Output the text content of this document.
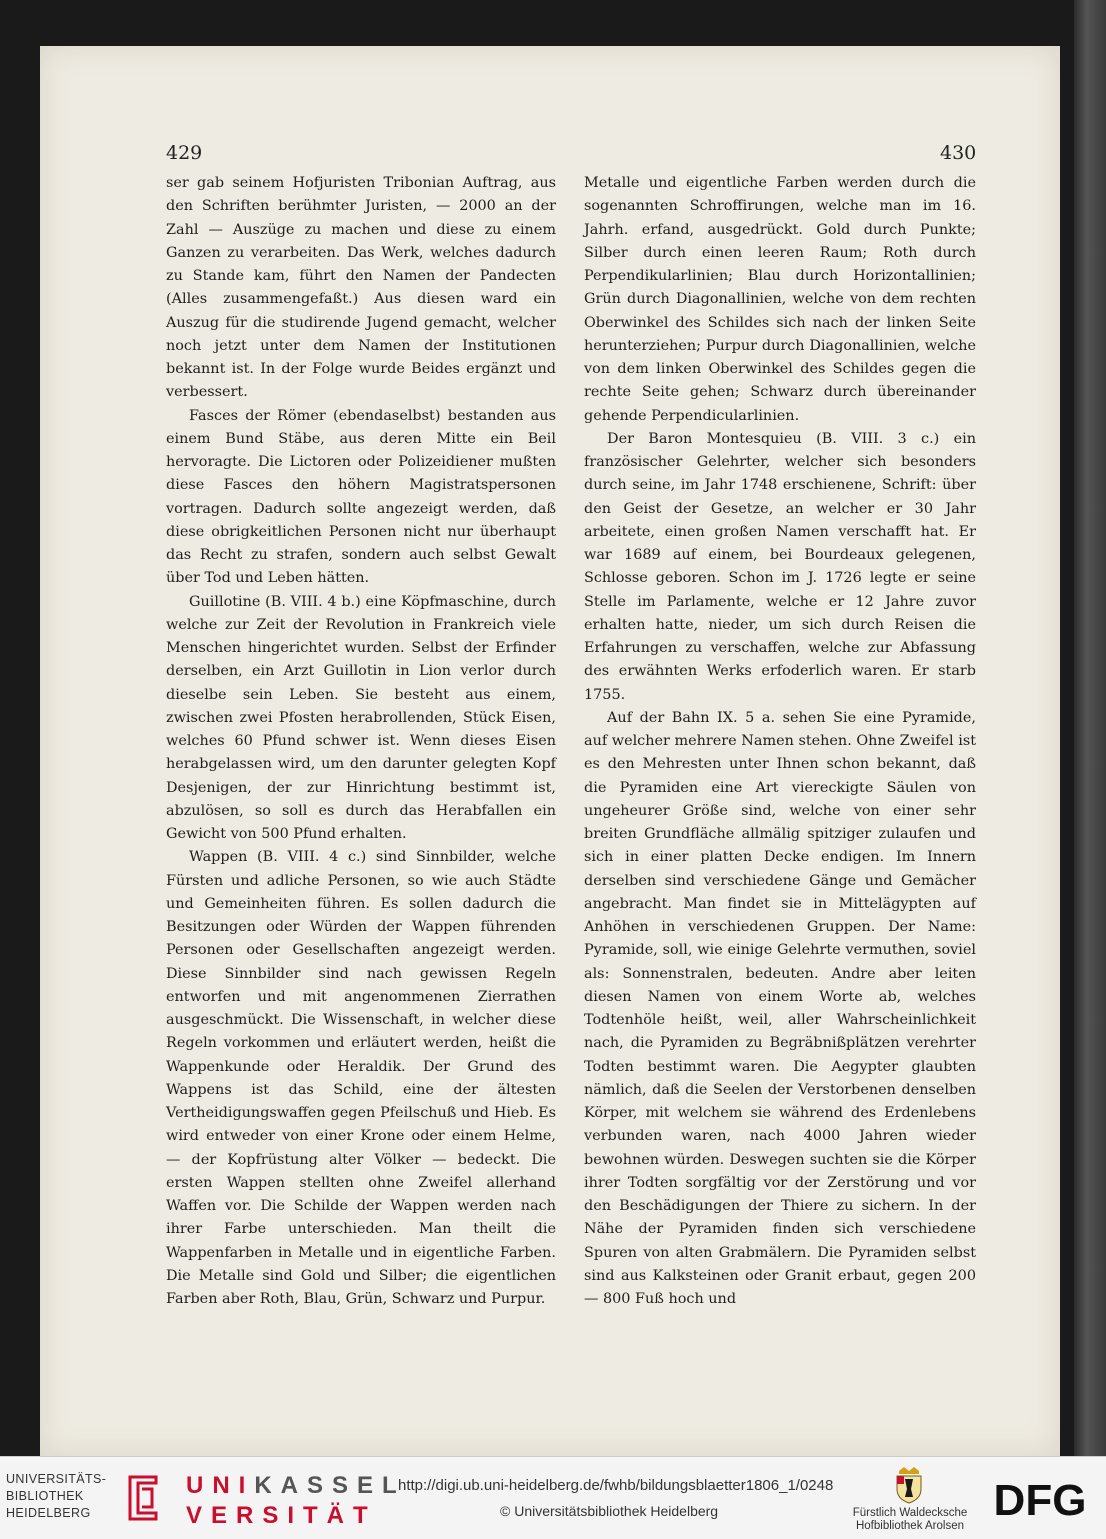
429	430

ser gab seinem Hofjuristen Tribonian Auftrag, aus den Schriften berühmter Juristen, — 2000 an der Zahl — Auszüge zu machen und diese zu einem Ganzen zu verarbeiten. Das Werk, welches dadurch zu Stande kam, führt den Namen der Pandecten (Alles zusammengefaßt.) Aus diesen ward ein Auszug für die studirende Jugend gemacht, welcher noch jetzt unter dem Namen der Institutionen bekannt ist. In der Folge wurde Beides ergänzt und verbessert.

Fasces der Römer (ebendaselbst) bestanden aus einem Bund Stäbe, aus deren Mitte ein Beil hervoragte. Die Lictoren oder Polizeidiener mußten diese Fasces den höhern Magistratspersonen vortragen. Dadurch sollte angezeigt werden, daß diese obrigkeitlichen Personen nicht nur überhaupt das Recht zu strafen, sondern auch selbst Gewalt über Tod und Leben hätten.

Guillotine (B. VIII. 4 b.) eine Köpfmaschine, durch welche zur Zeit der Revolution in Frankreich viele Menschen hingerichtet wurden. Selbst der Erfinder derselben, ein Arzt Guillotin in Lion verlor durch dieselbe sein Leben. Sie besteht aus einem, zwischen zwei Pfosten herabrollenden, Stück Eisen, welches 60 Pfund schwer ist. Wenn dieses Eisen herabgelassen wird, um den darunter gelegten Kopf Desjenigen, der zur Hinrichtung bestimmt ist, abzulösen, so soll es durch das Herabfallen ein Gewicht von 500 Pfund erhalten.

Wappen (B. VIII. 4 c.) sind Sinnbilder, welche Fürsten und adliche Personen, so wie auch Städte und Gemeinheiten führen. Es sollen dadurch die Besitzungen oder Würden der Wappen führenden Personen oder Gesellschaften angezeigt werden. Diese Sinnbilder sind nach gewissen Regeln entworfen und mit angenommenen Zierrathen ausgeschmückt. Die Wissenschaft, in welcher diese Regeln vorkommen und erläutert werden, heißt die Wappenkunde oder Heraldik. Der Grund des Wappens ist das Schild, eine der ältesten Vertheidigungswaffen gegen Pfeilschuß und Hieb. Es wird entweder von einer Krone oder einem Helme, — der Kopfrüstung alter Völker — bedeckt. Die ersten Wappen stellten ohne Zweifel allerhand Waffen vor. Die Schilde der Wappen werden nach ihrer Farbe unterschieden. Man theilt die Wappenfarben in Metalle und in eigentliche Farben. Die Metalle sind Gold und Silber; die eigentlichen Farben aber Roth, Blau, Grün, Schwarz und Purpur.

Metalle und eigentliche Farben werden durch die sogenannten Schroffirungen, welche man im 16. Jahrh. erfand, ausgedrückt. Gold durch Punkte; Silber durch einen leeren Raum; Roth durch Perpendikularlinien; Blau durch Horizontallinien; Grün durch Diagonallinien, welche von dem rechten Oberwinkel des Schildes sich nach der linken Seite herunterziehen; Purpur durch Diagonallinien, welche von dem linken Oberwinkel des Schildes gegen die rechte Seite gehen; Schwarz durch übereinander gehende Perpendicularlinien.

Der Baron Montesquieu (B. VIII. 3 c.) ein französischer Gelehrter, welcher sich besonders durch seine, im Jahr 1748 erschienene, Schrift: über den Geist der Gesetze, an welcher er 30 Jahr arbeitete, einen großen Namen verschafft hat. Er war 1689 auf einem, bei Bourdeaux gelegenen, Schlosse geboren. Schon im J. 1726 legte er seine Stelle im Parlamente, welche er 12 Jahre zuvor erhalten hatte, nieder, um sich durch Reisen die Erfahrungen zu verschaffen, welche zur Abfassung des erwähnten Werks erfoderlich waren. Er starb 1755.

Auf der Bahn IX. 5 a. sehen Sie eine Pyramide, auf welcher mehrere Namen stehen. Ohne Zweifel ist es den Mehresten unter Ihnen schon bekannt, daß die Pyramiden eine Art viereckigte Säulen von ungeheurer Größe sind, welche von einer sehr breiten Grundfläche allmälig spitziger zulaufen und sich in einer platten Decke endigen. Im Innern derselben sind verschiedene Gänge und Gemächer angebracht. Man findet sie in Mittelägypten auf Anhöhen in verschiedenen Gruppen. Der Name: Pyramide, soll, wie einige Gelehrte vermuthen, soviel als: Sonnenstralen, bedeuten. Andre aber leiten diesen Namen von einem Worte ab, welches Todtenhöle heißt, weil, aller Wahrscheinlichkeit nach, die Pyramiden zu Begräbnißplätzen verehrter Todten bestimmt waren. Die Aegypter glaubten nämlich, daß die Seelen der Verstorbenen denselben Körper, mit welchem sie während des Erdenlebens verbunden waren, nach 4000 Jahren wieder bewohnen würden. Deswegen suchten sie die Körper ihrer Todten sorgfältig vor der Zerstörung und vor den Beschädigungen der Thiere zu sichern. In der Nähe der Pyramiden finden sich verschiedene Spuren von alten Grabmälern. Die Pyramiden selbst sind aus Kalksteinen oder Granit erbaut, gegen 200 — 800 Fuß hoch und

UNIVERSITÄTS-
BIBLIOTHEK
HEIDELBERG
UNIKASSEL
VERSITÄT
http://digi.ub.uni-heidelberg.de/fwhb/bildungsblaetter1806_1/0248
© Universitätsbibliothek Heidelberg	Fürstlich Waldecksche
Hofbibliothek Arolsen
DFG
